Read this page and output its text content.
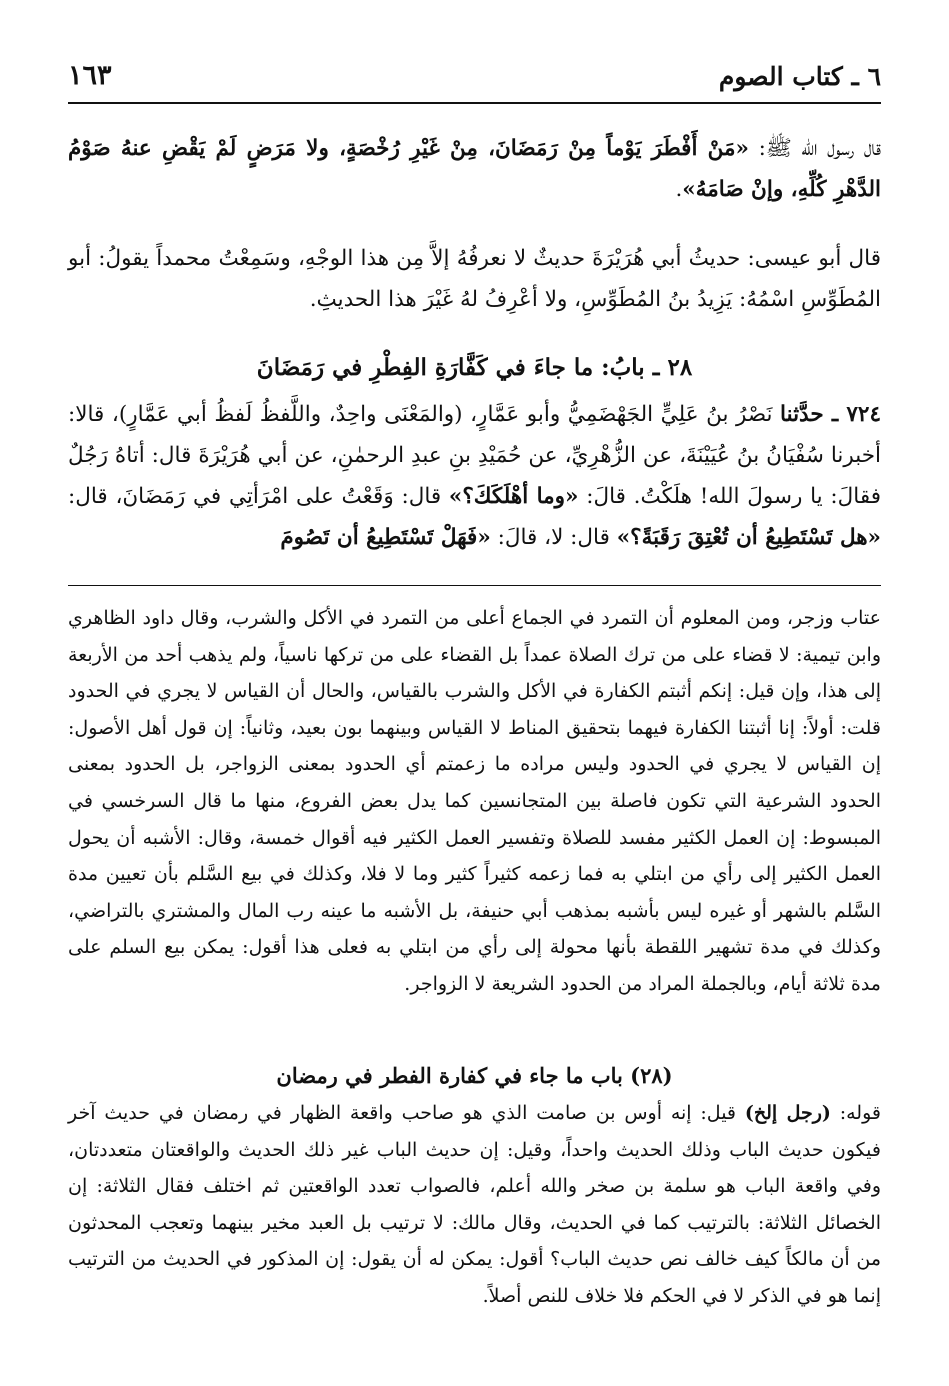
٦ ـ كتاب الصوم
١٦٣
قال رسول الله ﷺ: «مَنْ أَفْطَرَ يَوْماً مِنْ رَمَضَانَ، مِنْ غَيْرِ رُخْصَةٍ، ولا مَرَضٍ لَمْ يَقْضِ عنهُ صَوْمُ الدَّهْرِ كُلِّهِ، وإنْ صَامَهُ».
قال أبو عيسى: حديثُ أبي هُرَيْرَةَ حديثٌ لا نعرفُهُ إلاَّ مِن هذا الوجْهِ، وسَمِعْتُ محمداً يقولُ: أبو المُطَوِّسِ اسْمُهُ: يَزِيدُ بنُ المُطَوِّسِ، ولا أعْرِفُ لهُ غَيْرَ هذا الحديثِ.
٢٨ ـ بابُ: ما جاءَ في كَفَّارَةِ الفِطْرِ في رَمَضَانَ
٧٢٤ ـ حدَّثنا نَصْرُ بنُ عَلِيٍّ الجَهْضَمِيُّ وأبو عَمَّارٍ، (والمَعْنَى واحِدٌ، واللَّفظُ لَفظُ أبي عَمَّارٍ)، قالا: أخبرنا سُفْيَانُ بنُ عُيَيْنَةَ، عن الزُّهْرِيِّ، عن حُمَيْدِ بنِ عبدِ الرحمٰنِ، عن أبي هُرَيْرَةَ قال: أتاهُ رَجُلٌ فقالَ: يا رسولَ الله! هلَكْتُ. قالَ: «وما أهْلَكَكَ؟» قال: وَقَعْتُ على امْرَأتِي في رَمَضَانَ، قال: «هل تَسْتَطِيعُ أن تُعْتِقَ رَقَبَةً؟» قال: لا، قالَ: «فَهَلْ تَسْتَطِيعُ أن تَصُومَ
عتاب وزجر، ومن المعلوم أن التمرد في الجماع أعلى من التمرد في الأكل والشرب، وقال داود الظاهري وابن تيمية: لا قضاء على من ترك الصلاة عمداً بل القضاء على من تركها ناسياً، ولم يذهب أحد من الأربعة إلى هذا، وإن قيل: إنكم أثبتم الكفارة في الأكل والشرب بالقياس، والحال أن القياس لا يجري في الحدود قلت: أولاً: إنا أثبتنا الكفارة فيهما بتحقيق المناط لا القياس وبينهما بون بعيد، وثانياً: إن قول أهل الأصول: إن القياس لا يجري في الحدود وليس مراده ما زعمتم أي الحدود بمعنى الزواجر، بل الحدود بمعنى الحدود الشرعية التي تكون فاصلة بين المتجانسين كما يدل بعض الفروع، منها ما قال السرخسي في المبسوط: إن العمل الكثير مفسد للصلاة وتفسير العمل الكثير فيه أقوال خمسة، وقال: الأشبه أن يحول العمل الكثير إلى رأي من ابتلي به فما زعمه كثيراً كثير وما لا فلا، وكذلك في بيع السَّلم بأن تعيين مدة السَّلم بالشهر أو غيره ليس بأشبه بمذهب أبي حنيفة، بل الأشبه ما عينه رب المال والمشتري بالتراضي، وكذلك في مدة تشهير اللقطة بأنها محولة إلى رأي من ابتلي به فعلى هذا أقول: يمكن بيع السلم على مدة ثلاثة أيام، وبالجملة المراد من الحدود الشريعة لا الزواجر.
(٢٨) باب ما جاء في كفارة الفطر في رمضان
قوله: (رجل إلخ) قيل: إنه أوس بن صامت الذي هو صاحب واقعة الظهار في رمضان في حديث آخر فيكون حديث الباب وذلك الحديث واحداً، وقيل: إن حديث الباب غير ذلك الحديث والواقعتان متعددتان، وفي واقعة الباب هو سلمة بن صخر والله أعلم، فالصواب تعدد الواقعتين ثم اختلف فقال الثلاثة: إن الخصائل الثلاثة: بالترتيب كما في الحديث، وقال مالك: لا ترتيب بل العبد مخير بينهما وتعجب المحدثون من أن مالكاً كيف خالف نص حديث الباب؟ أقول: يمكن له أن يقول: إن المذكور في الحديث من الترتيب إنما هو في الذكر لا في الحكم فلا خلاف للنص أصلاً.
